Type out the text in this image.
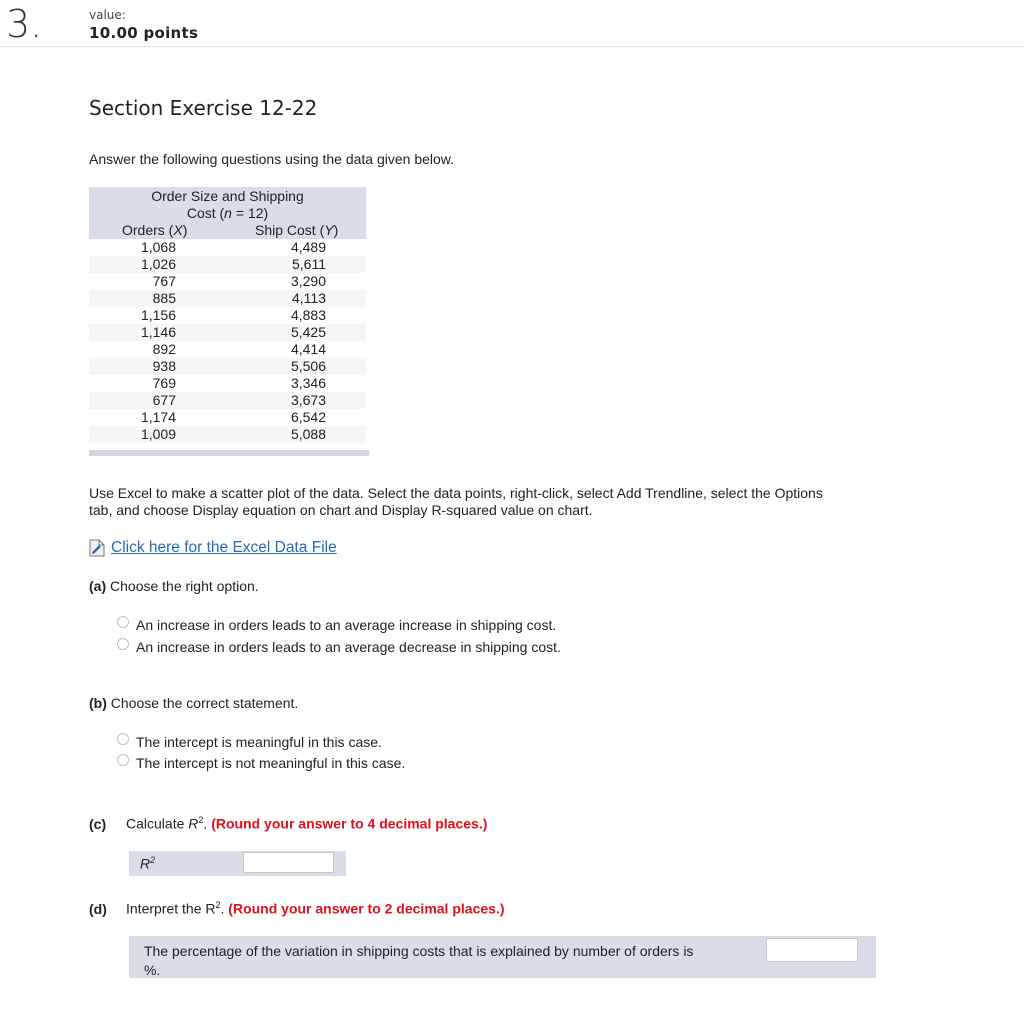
3.	value:
10.00 points
Section Exercise 12-22
Answer the following questions using the data given below.
Order Size and Shipping
Cost (n = 12)
Orders (X)	Ship Cost (Y)
1,068	4,489
1,026	5,611
767	3,290
885	4,113
1,156	4,883
1,146	5,425
892	4,414
938	5,506
769	3,346
677	3,673
1,174	6,542
1,009	5,088
Use Excel to make a scatter plot of the data. Select the data points, right-click, select Add Trendline, select the Options tab, and choose Display equation on chart and Display R-squared value on chart.
Click here for the Excel Data File
(a) Choose the right option.
An increase in orders leads to an average increase in shipping cost.
An increase in orders leads to an average decrease in shipping cost.
(b) Choose the correct statement.
The intercept is meaningful in this case.
The intercept is not meaningful in this case.
(c) Calculate $R^2$. (Round your answer to 4 decimal places.)
$R^2$
(d) Interpret the $R^2$. (Round your answer to 2 decimal places.)
The percentage of the variation in shipping costs that is explained by number of orders is
%.
